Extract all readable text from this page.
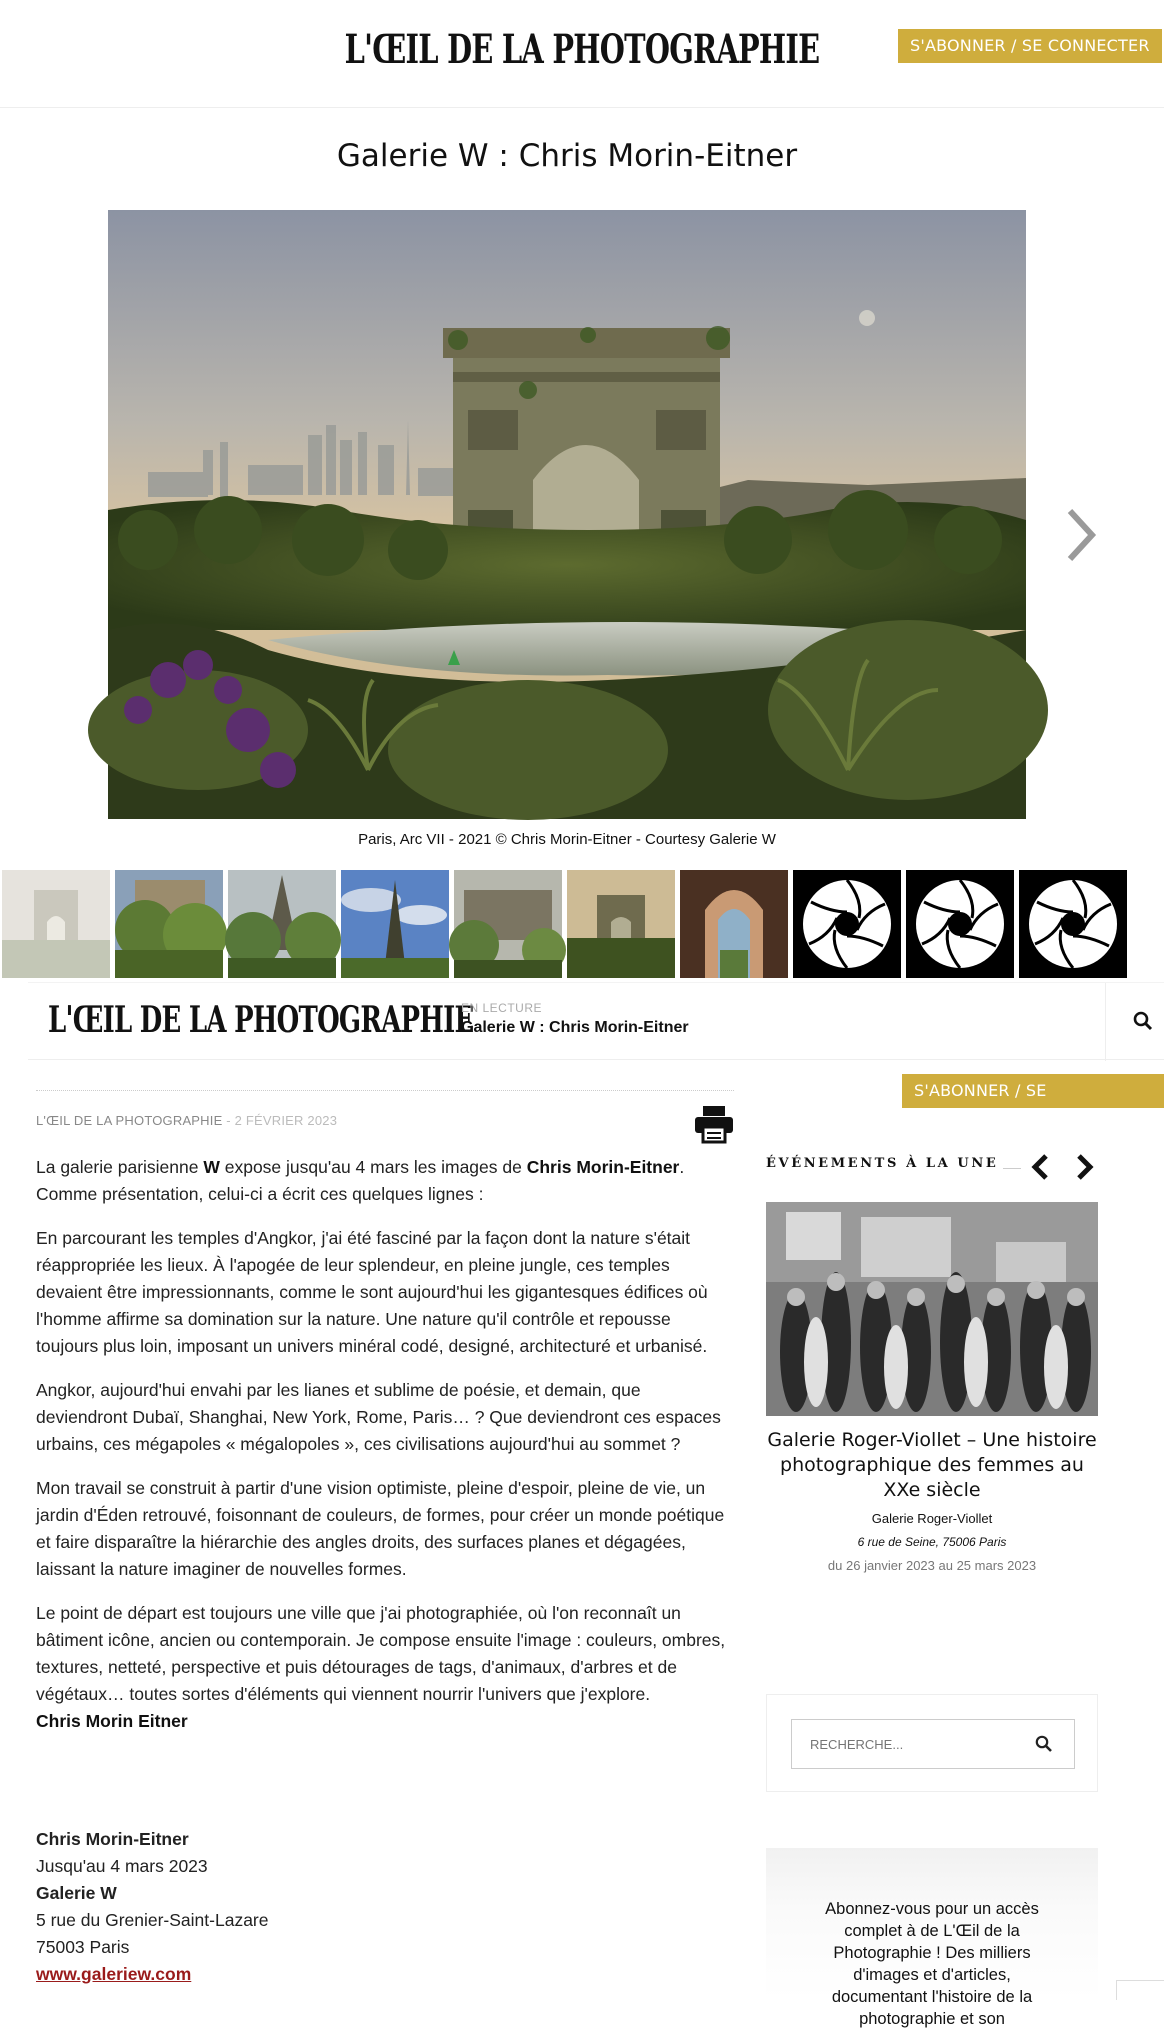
L'ŒIL DE LA PHOTOGRAPHIE	S'ABONNER / SE CONNECTER
Galerie W : Chris Morin-Eitner
Paris, Arc VII - 2021 © Chris Morin-Eitner - Courtesy Galerie W
L'ŒIL DE LA PHOTOGRAPHIE
EN LECTURE
Galerie W : Chris Morin-Eitner
S'ABONNER / SE CONNECTER
L'ŒIL DE LA PHOTOGRAPHIE - 2 FÉVRIER 2023

La galerie parisienne W expose jusqu'au 4 mars les images de Chris Morin-Eitner. Comme présentation, celui-ci a écrit ces quelques lignes :

En parcourant les temples d'Angkor, j'ai été fasciné par la façon dont la nature s'était réappropriée les lieux. À l'apogée de leur splendeur, en pleine jungle, ces temples devaient être impressionnants, comme le sont aujourd'hui les gigantesques édifices où l'homme affirme sa domination sur la nature. Une nature qu'il contrôle et repousse toujours plus loin, imposant un univers minéral codé, designé, architecturé et urbanisé.

Angkor, aujourd'hui envahi par les lianes et sublime de poésie, et demain, que deviendront Dubaï, Shanghai, New York, Rome, Paris… ? Que deviendront ces espaces urbains, ces mégapoles « mégalopoles », ces civilisations aujourd'hui au sommet ?

Mon travail se construit à partir d'une vision optimiste, pleine d'espoir, pleine de vie, un jardin d'Éden retrouvé, foisonnant de couleurs, de formes, pour créer un monde poétique et faire disparaître la hiérarchie des angles droits, des surfaces planes et dégagées, laissant la nature imaginer de nouvelles formes.

Le point de départ est toujours une ville que j'ai photographiée, où l'on reconnaît un bâtiment icône, ancien ou contemporain. Je compose ensuite l'image : couleurs, ombres, textures, netteté, perspective et puis détourages de tags, d'animaux, d'arbres et de végétaux… toutes sortes d'éléments qui viennent nourrir l'univers que j'explore.
Chris Morin Eitner

Chris Morin-Eitner
Jusqu'au 4 mars 2023
Galerie W
5 rue du Grenier-Saint-Lazare
75003 Paris
www.galeriew.com
ÉVÉNEMENTS À LA UNE
Galerie Roger-Viollet – Une histoire photographique des femmes au XXe siècle
Galerie Roger-Viollet
6 rue de Seine, 75006 Paris
du 26 janvier 2023 au 25 mars 2023
RECHERCHE...
Abonnez-vous pour un accès complet à de L'Œil de la Photographie ! Des milliers d'images et d'articles, documentant l'histoire de la photographie et son
